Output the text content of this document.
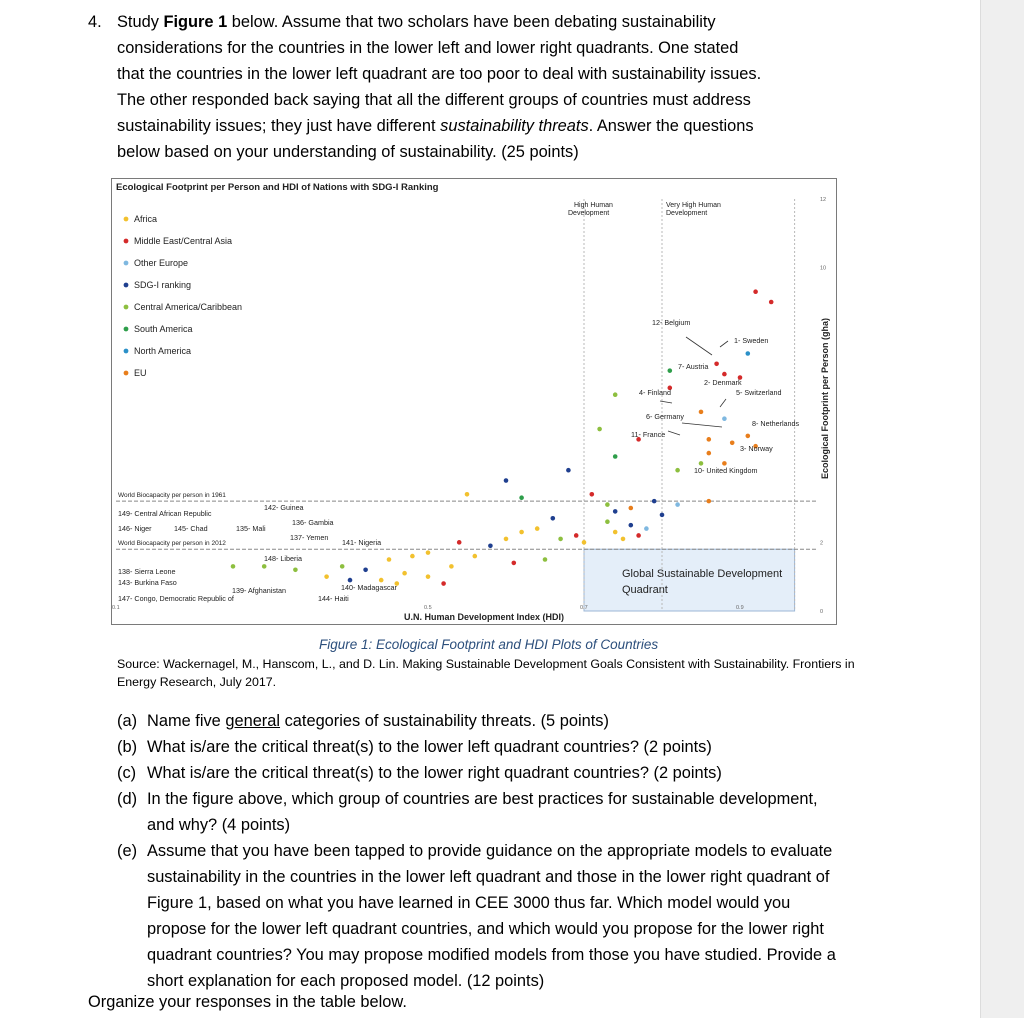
4. Study Figure 1 below. Assume that two scholars have been debating sustainability
considerations for the countries in the lower left and lower right quadrants. One stated
that the countries in the lower left quadrant are too poor to deal with sustainability issues.
The other responded back saying that all the different groups of countries must address
sustainability issues; they just have different sustainability threats. Answer the questions
below based on your understanding of sustainability. (25 points)
Global Sustainable Development
Quadrant
World Biocapacity per person in 1961
World Biocapacity per person in 2012
Ecological Footprint per Person and HDI of Nations with SDG-I Ranking
High Human
Development
Very High Human
Development
U.N. Human Development Index (HDI)
Ecological Footprint per Person (gha)
0.1	0.5	0.7	0.9
0
2
10
12
Africa
Middle East/Central Asia
Other Europe
SDG-I ranking
Central America/Caribbean
South America
North America
EU
12- Belgium
1- Sweden
7- Austria
2- Denmark
4- Finland	5- Switzerland
6- Germany
8- Netherlands
11- France
3- Norway
10- United Kingdom
149- Central African Republic
142- Guinea
146- Niger	145- Chad	135- Mali
136- Gambia
137- Yemen
141- Nigeria
148- Liberia
138- Sierra Leone
143- Burkina Faso
139- Afghanistan	140- Madagascar
147- Congo, Democratic Republic of	144- Haiti
Figure 1: Ecological Footprint and HDI Plots of Countries
Source: Wackernagel, M., Hanscom, L., and D. Lin. Making Sustainable Development Goals Consistent with Sustainability. Frontiers in
Energy Research, July 2017.
(a) Name five general categories of sustainability threats. (5 points)
(b) What is/are the critical threat(s) to the lower left quadrant countries? (2 points)
(c) What is/are the critical threat(s) to the lower right quadrant countries? (2 points)
(d) In the figure above, which group of countries are best practices for sustainable development,
and why? (4 points)
(e) Assume that you have been tapped to provide guidance on the appropriate models to evaluate
sustainability in the countries in the lower left quadrant and those in the lower right quadrant of
Figure 1, based on what you have learned in CEE 3000 thus far. Which model would you
propose for the lower left quadrant countries, and which would you propose for the lower right
quadrant countries? You may propose modified models from those you have studied. Provide a
short explanation for each proposed model. (12 points)
Organize your responses in the table below.
